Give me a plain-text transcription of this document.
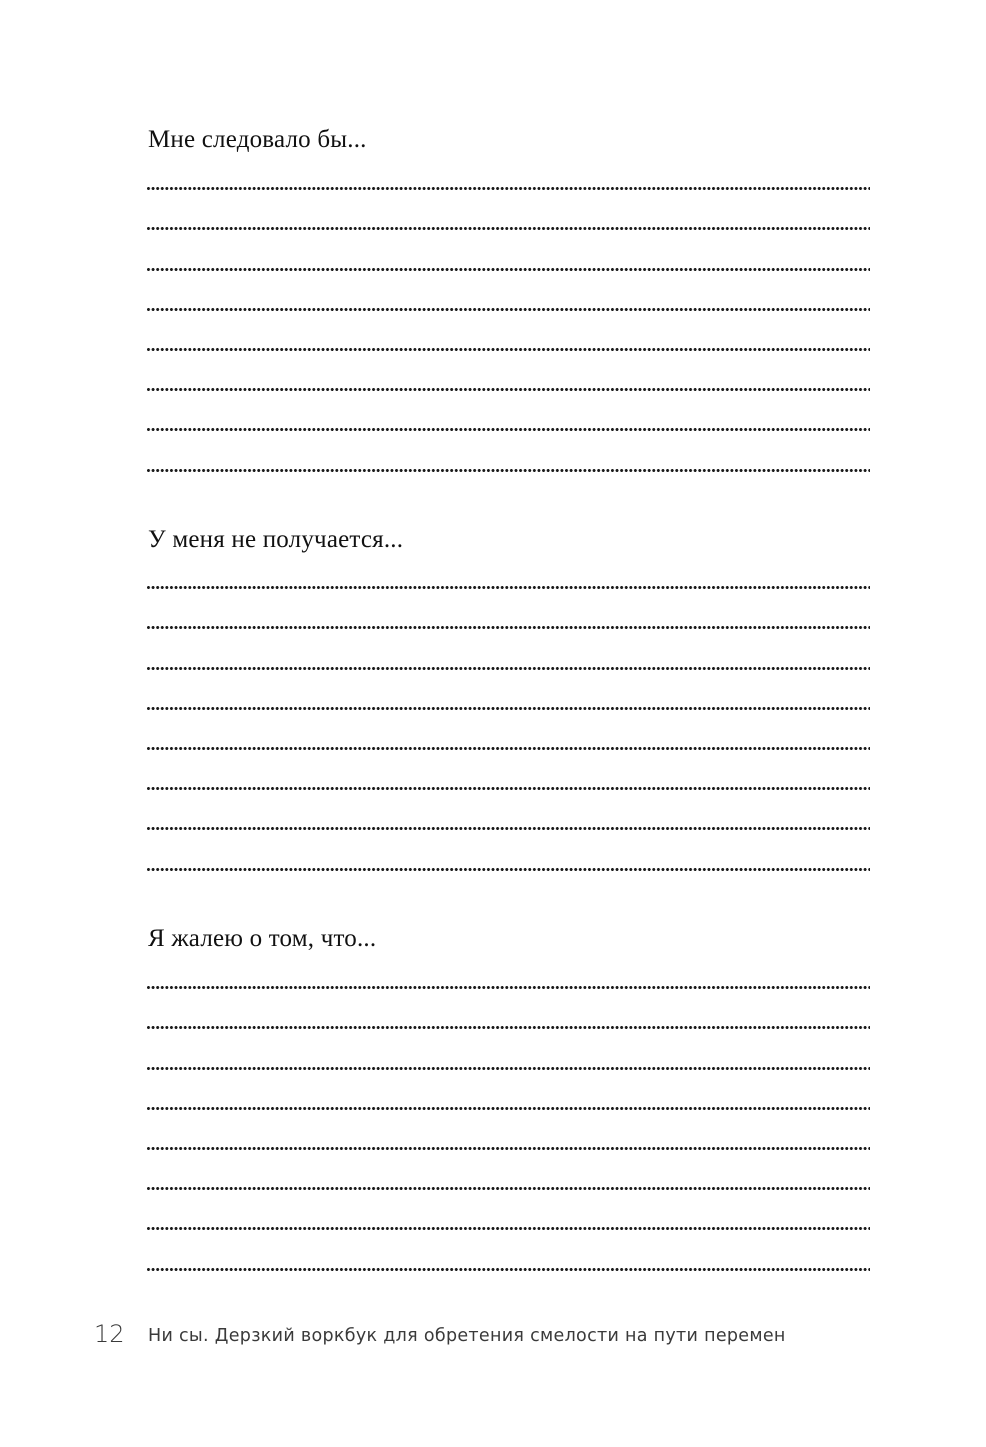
Мне следовало бы...
У меня не получается...
Я жалею о том, что...
12 Ни сы. Дерзкий воркбук для обретения смелости на пути перемен
